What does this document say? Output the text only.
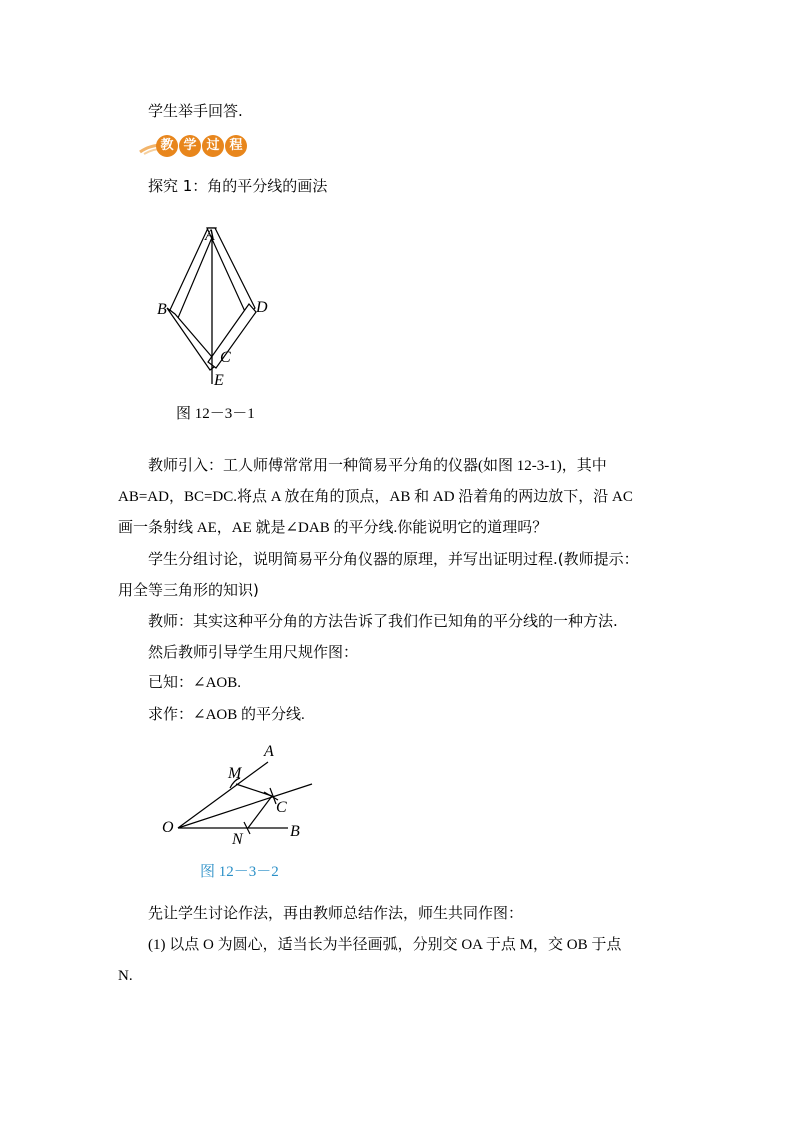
学生举手回答.
教 学 过 程
探究 1：角的平分线的画法
A
B	D
C
E
图 12－3－1
教师引入：工人师傅常常用一种简易平分角的仪器(如图 12-3-1)，其中
AB=AD，BC=DC.将点 A 放在角的顶点，AB 和 AD 沿着角的两边放下，沿 AC
画一条射线 AE，AE 就是∠DAB 的平分线.你能说明它的道理吗？
学生分组讨论，说明简易平分角仪器的原理，并写出证明过程.(教师提示：
用全等三角形的知识)
教师：其实这种平分角的方法告诉了我们作已知角的平分线的一种方法.
然后教师引导学生用尺规作图：
已知：∠AOB.
求作：∠AOB 的平分线.
A
M
C
O
N	B
图 12－3－2
先让学生讨论作法，再由教师总结作法，师生共同作图：
(1) 以点 O 为圆心，适当长为半径画弧，分别交 OA 于点 M，交 OB 于点
N.
